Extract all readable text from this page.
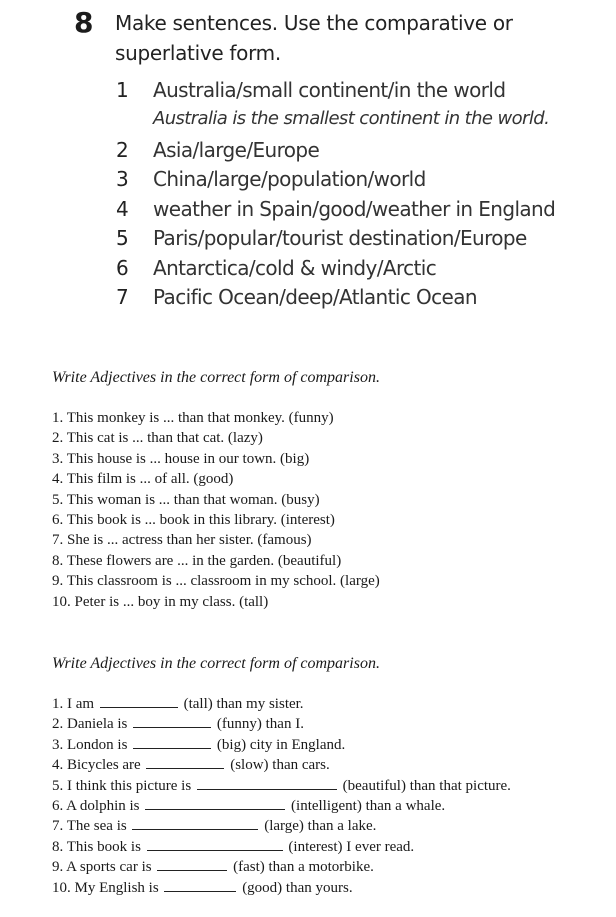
8 Make sentences. Use the comparative or superlative form.
1	Australia/small continent/in the world
2	Asia/large/Europe
3	China/large/population/world
4	weather in Spain/good/weather in England
5	Paris/popular/tourist destination/Europe
6	Antarctica/cold & windy/Arctic
7	Pacific Ocean/deep/Atlantic Ocean
Australia is the smallest continent in the world.

Write Adjectives in the correct form of comparison.

1. This monkey is ... than that monkey. (funny)
2. This cat is ... than that cat. (lazy)
3. This house is ... house in our town. (big)
4. This film is ... of all. (good)
5. This woman is ... than that woman. (busy)
6. This book is ... book in this library. (interest)
7. She is ... actress than her sister. (famous)
8. These flowers are ... in the garden. (beautiful)
9. This classroom is ... classroom in my school. (large)
10. Peter is ... boy in my class. (tall)

Write Adjectives in the correct form of comparison.

1. I am	(tall) than my sister.
2. Daniela is	(funny) than I.
3. London is	(big) city in England.
4. Bicycles are	(slow) than cars.
5. I think this picture is	(beautiful) than that picture.
6. A dolphin is	(intelligent) than a whale.
7. The sea is	(large) than a lake.
8. This book is	(interest) I ever read.
9. A sports car is	(fast) than a motorbike.
10. My English is	(good) than yours.
